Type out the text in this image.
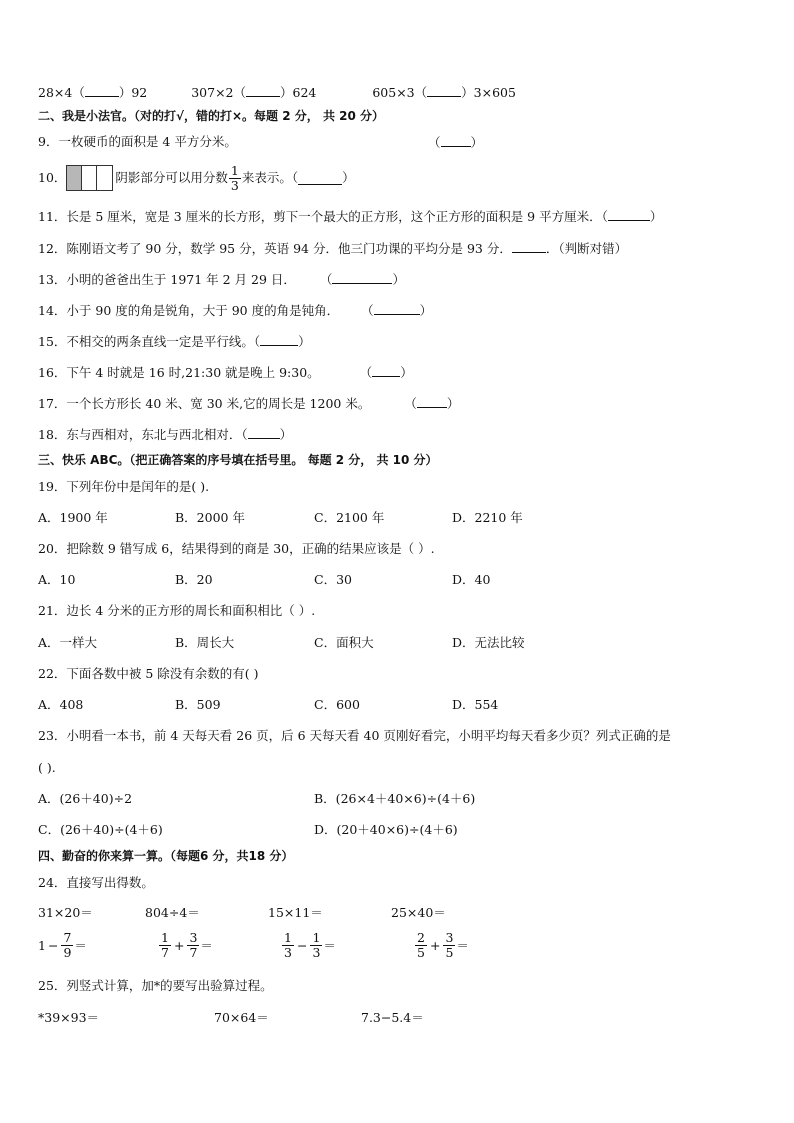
28×4（	）92	307×2（	）624	605×3（	）3×605
二、我是小法官。（对的打√，错的打×。每题 2 分， 共 20 分）
9．一枚硬币的面积是 4 平方分米。	（ ）
10．	阴影部分可以用分数 $\frac{1}{3}$ 来表示。（	）
11．长是 5 厘米，宽是 3 厘米的长方形，剪下一个最大的正方形，这个正方形的面积是 9 平方厘米．（	）
12．陈刚语文考了 90 分，数学 95 分，英语 94 分．他三门功课的平均分是 93 分．	．（判断对错）
13．小明的爸爸出生于 1971 年 2 月 29 日． （	）
14．小于 90 度的角是锐角，大于 90 度的角是钝角． （	）
15．不相交的两条直线一定是平行线。（	）
16．下午 4 时就是 16 时,21:30 就是晚上 9:30。	（ ）
17．一个长方形长 40 米、宽 30 米,它的周长是 1200 米。	（ ）
18．东与西相对，东北与西北相对．（	）
三、快乐 ABC。（把正确答案的序号填在括号里。 每题 2 分， 共 10 分）
19．下列年份中是闰年的是( ).
A．1900 年	B．2000 年	C．2100 年	D．2210 年
20．把除数 9 错写成 6，结果得到的商是 30，正确的结果应该是（ ）.
A．10	B．20	C．30	D．40
21．边长 4 分米的正方形的周长和面积相比（ ）.
A．一样大	B．周长大	C．面积大	D．无法比较
22．下面各数中被 5 除没有余数的有( )
A．408	B．509	C．600	D．554
23．小明看一本书，前 4 天每天看 26 页，后 6 天每天看 40 页刚好看完，小明平均每天看多少页？列式正确的是
( ).
A．(26＋40)÷2	B．(26×4＋40×6)÷(4＋6)
C．(26＋40)÷(4＋6)	D．(20＋40×6)÷(4＋6)
四、勤奋的你来算一算。（每题6 分，共18 分）
24．直接写出得数。
31×20＝	804÷4＝	15×11＝	25×40＝
$1 - \frac{7}{9}$ ＝	$\frac{1}{7} + \frac{3}{7}$ ＝	$\frac{1}{3} - \frac{1}{3}$ ＝	$\frac{2}{5} + \frac{3}{5}$ ＝
25．列竖式计算，加*的要写出验算过程。
*39×93＝	70×64＝	7.3−5.4＝
